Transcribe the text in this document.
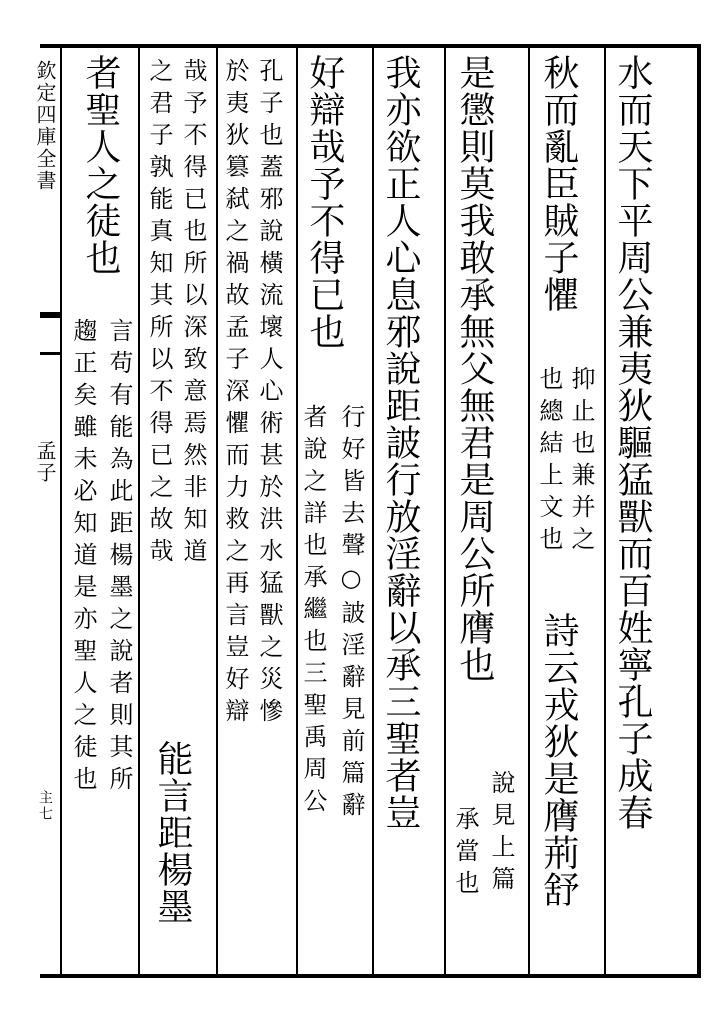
欽定四庫全書
孟子
主七	水而天下平周公兼夷狄驅猛獸而百姓寧孔子成春
秋而亂臣賊子懼
抑止也兼并之
也總結上文也
詩云戎狄是膺荊舒
是懲則莫我敢承無父無君是周公所膺也
說見上篇
承當也
我亦欲正人心息邪說距詖行放淫辭以承三聖者豈
好辯哉予不得已也
行好皆去聲○詖淫辭見前篇辭
者說之詳也承繼也三聖禹周公
孔子也蓋邪說橫流壞人心術甚於洪水猛獸之災慘
於夷狄篡弑之禍故孟子深懼而力救之再言豈好辯
哉予不得已也所以深致意焉然非知道
之君子孰能真知其所以不得已之故哉
能言距楊墨
者聖人之徒也
言苟有能為此距楊墨之說者則其所
趨正矣雖未必知道是亦聖人之徒也
